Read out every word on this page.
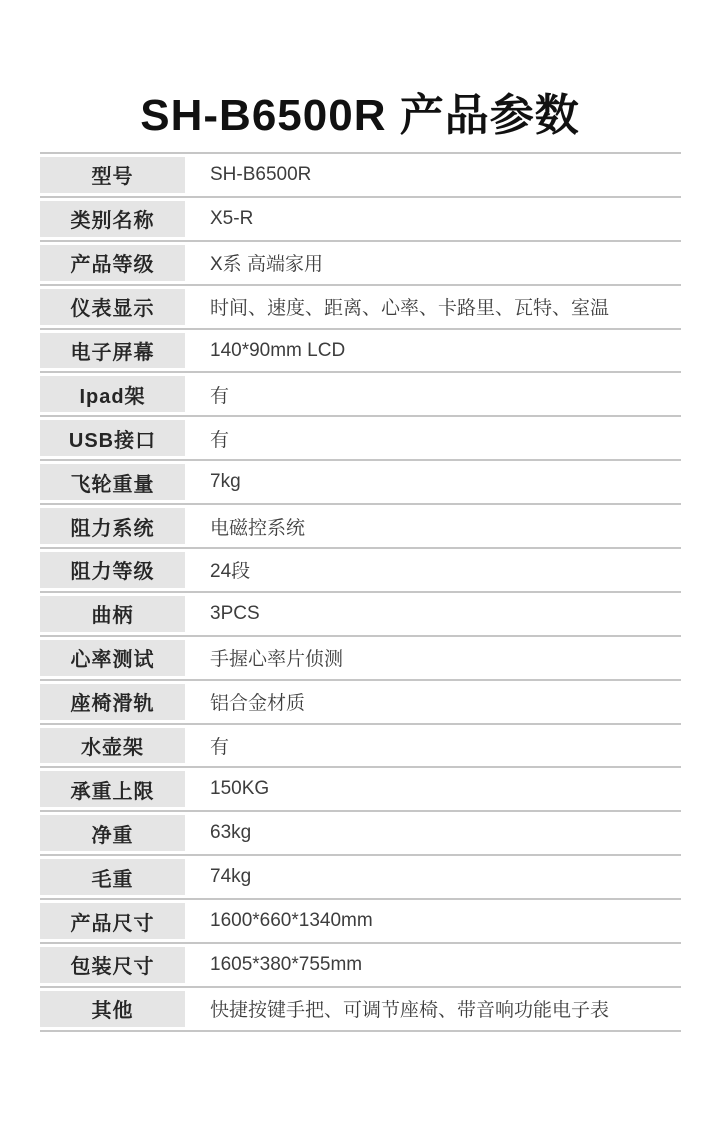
SH-B6500R 产品参数
型号	SH-B6500R
类别名称	X5-R
产品等级	X系 高端家用
仪表显示	时间、速度、距离、心率、卡路里、瓦特、室温
电子屏幕	140*90mm LCD
Ipad架	有
USB接口	有
飞轮重量	7kg
阻力系统	电磁控系统
阻力等级	24段
曲柄	3PCS
心率测试	手握心率片侦测
座椅滑轨	铝合金材质
水壶架	有
承重上限	150KG
净重	63kg
毛重	74kg
产品尺寸	1600*660*1340mm
包装尺寸	1605*380*755mm
其他	快捷按键手把、可调节座椅、带音响功能电子表
